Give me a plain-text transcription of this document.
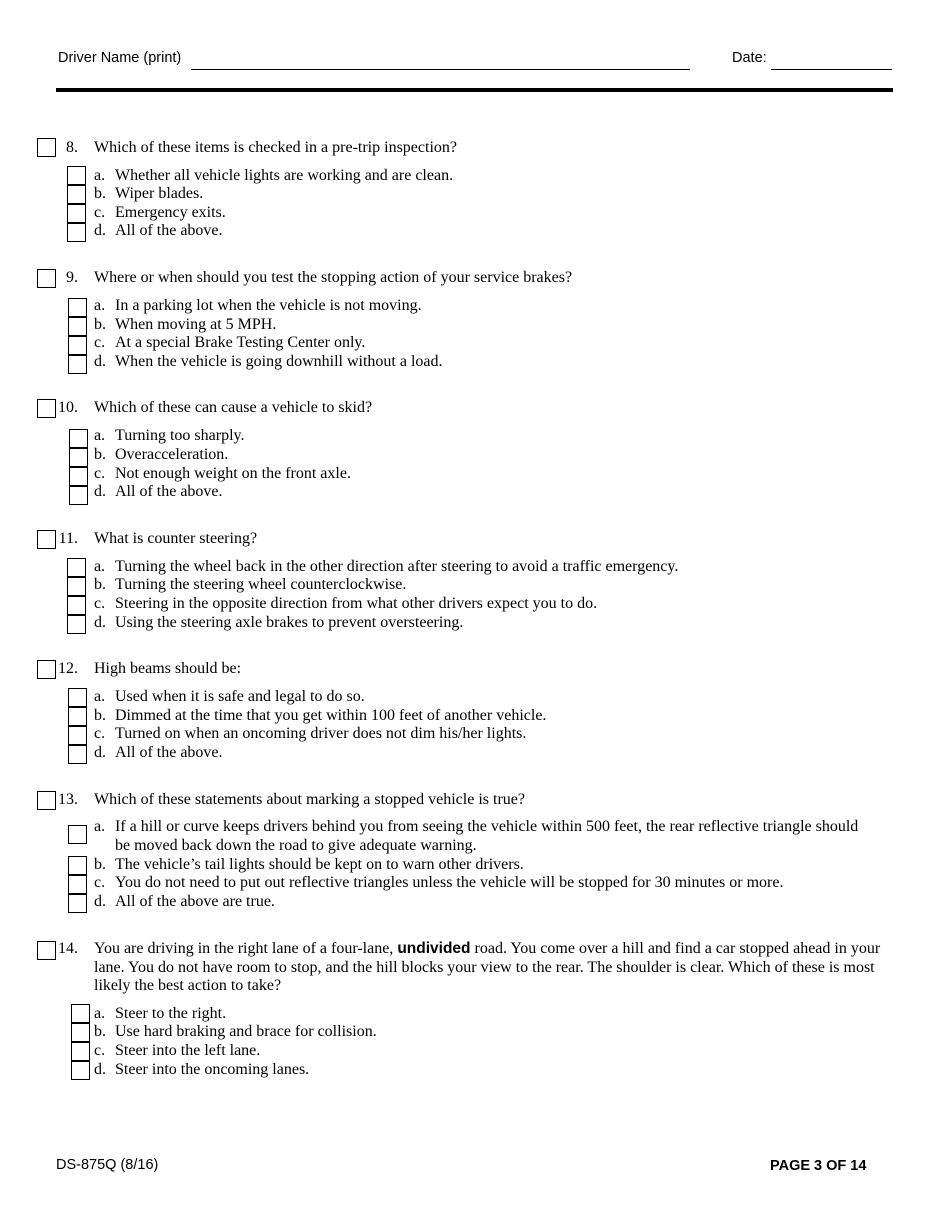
Driver Name (print)	Date:
8. Which of these items is checked in a pre-trip inspection?
a. Whether all vehicle lights are working and are clean.
b. Wiper blades.
c. Emergency exits.
d. All of the above.
9. Where or when should you test the stopping action of your service brakes?
a. In a parking lot when the vehicle is not moving.
b. When moving at 5 MPH.
c. At a special Brake Testing Center only.
d. When the vehicle is going downhill without a load.
10. Which of these can cause a vehicle to skid?
a. Turning too sharply.
b. Overacceleration.
c. Not enough weight on the front axle.
d. All of the above.
11. What is counter steering?
a. Turning the wheel back in the other direction after steering to avoid a traffic emergency.
b. Turning the steering wheel counterclockwise.
c. Steering in the opposite direction from what other drivers expect you to do.
d. Using the steering axle brakes to prevent oversteering.
12. High beams should be:
a. Used when it is safe and legal to do so.
b. Dimmed at the time that you get within 100 feet of another vehicle.
c. Turned on when an oncoming driver does not dim his/her lights.
d. All of the above.
13. Which of these statements about marking a stopped vehicle is true?
a. If a hill or curve keeps drivers behind you from seeing the vehicle within 500 feet, the rear reflective triangle should be moved back down the road to give adequate warning.
b. The vehicle’s tail lights should be kept on to warn other drivers.
c. You do not need to put out reflective triangles unless the vehicle will be stopped for 30 minutes or more.
d. All of the above are true.
14. You are driving in the right lane of a four-lane, undivided road. You come over a hill and find a car stopped ahead in your lane. You do not have room to stop, and the hill blocks your view to the rear. The shoulder is clear. Which of these is most likely the best action to take?
a. Steer to the right.
b. Use hard braking and brace for collision.
c. Steer into the left lane.
d. Steer into the oncoming lanes.
DS-875Q (8/16)	PAGE 3 OF 14
